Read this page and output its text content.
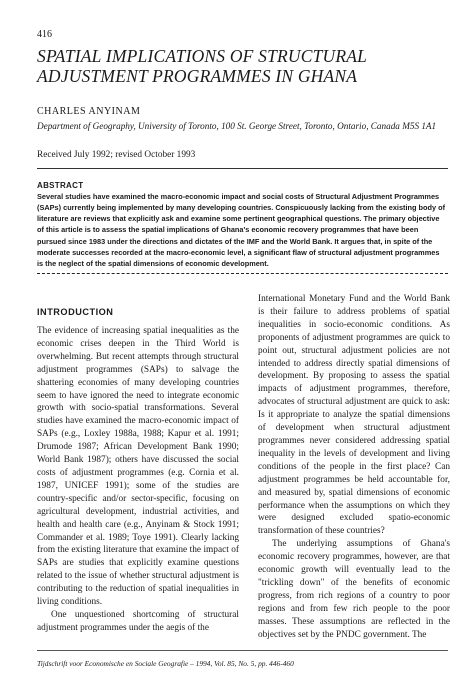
416
SPATIAL IMPLICATIONS OF STRUCTURAL ADJUSTMENT PROGRAMMES IN GHANA
CHARLES ANYINAM
Department of Geography, University of Toronto, 100 St. George Street, Toronto, Ontario, Canada M5S 1A1
Received July 1992; revised October 1993
ABSTRACT
Several studies have examined the macro-economic impact and social costs of Structural Adjustment Programmes (SAPs) currently being implemented by many developing countries. Conspicuously lacking from the existing body of literature are reviews that explicitly ask and examine some pertinent geographical questions. The primary objective of this article is to assess the spatial implications of Ghana's economic recovery programmes that have been pursued since 1983 under the directions and dictates of the IMF and the World Bank. It argues that, in spite of the moderate successes recorded at the macro-economic level, a significant flaw of structural adjustment programmes is the neglect of the spatial dimensions of economic development.
INTRODUCTION

The evidence of increasing spatial inequalities as the economic crises deepen in the Third World is overwhelming. But recent attempts through structural adjustment programmes (SAPs) to salvage the shattering economies of many developing countries seem to have ignored the need to integrate economic growth with socio-spatial transformations. Several studies have examined the macro-economic impact of SAPs (e.g., Loxley 1988a, 1988; Kapur et al. 1991; Drumode 1987; African Development Bank 1990; World Bank 1987); others have discussed the social costs of adjustment programmes (e.g. Cornia et al. 1987, UNICEF 1991); some of the studies are country-specific and/or sector-specific, focusing on agricultural development, industrial activities, and health and health care (e.g., Anyinam & Stock 1991; Commander et al. 1989; Toye 1991). Clearly lacking from the existing literature that examine the impact of SAPs are studies that explicitly examine questions related to the issue of whether structural adjustment is contributing to the reduction of spatial inequalities in living conditions.

One unquestioned shortcoming of structural adjustment programmes under the aegis of the

International Monetary Fund and the World Bank is their failure to address problems of spatial inequalities in socio-economic conditions. As proponents of adjustment programmes are quick to point out, structural adjustment policies are not intended to address directly spatial dimensions of development. By proposing to assess the spatial impacts of adjustment programmes, therefore, advocates of structural adjustment are quick to ask: Is it appropriate to analyze the spatial dimensions of development when structural adjustment programmes never considered addressing spatial inequality in the levels of development and living conditions of the people in the first place? Can adjustment programmes be held accountable for, and measured by, spatial dimensions of economic performance when the assumptions on which they were designed excluded spatio-economic transformation of these countries?

The underlying assumptions of Ghana's economic recovery programmes, however, are that economic growth will eventually lead to the "trickling down" of the benefits of economic progress, from rich regions of a country to poor regions and from few rich people to the poor masses. These assumptions are reflected in the objectives set by the PNDC government. The

Tijdschrift voor Economische en Sociale Geografie – 1994, Vol. 85, No. 5, pp. 446-460
